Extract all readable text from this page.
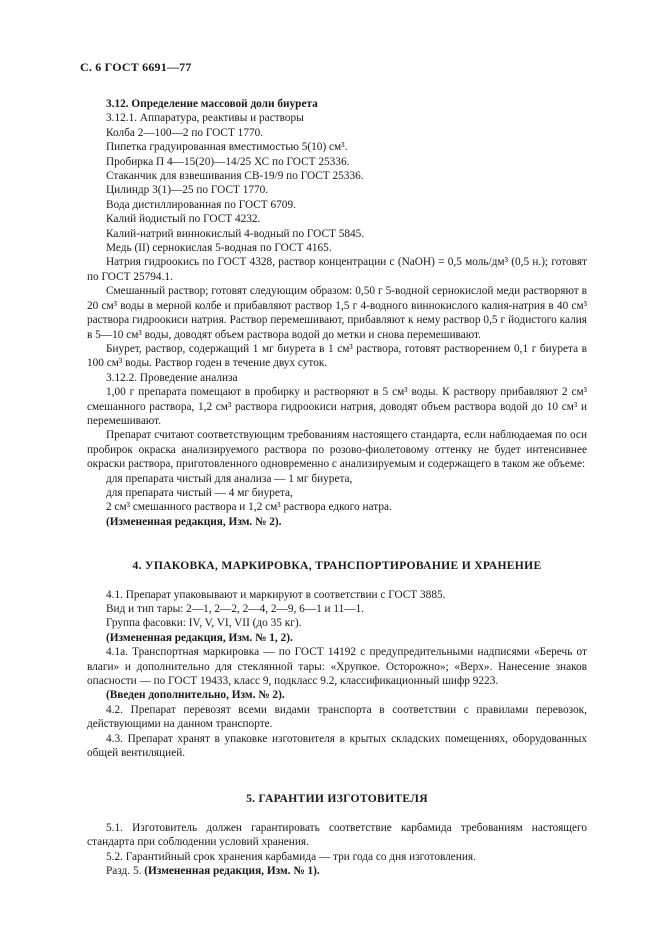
С. 6 ГОСТ 6691—77

3.12. Определение массовой доли биурета

3.12.1. Аппаратура, реактивы и растворы

Колба 2—100—2 по ГОСТ 1770.

Пипетка градуированная вместимостью 5(10) см³.

Пробирка П 4—15(20)—14/25 ХС по ГОСТ 25336.

Стаканчик для взвешивания СВ-19/9 по ГОСТ 25336.

Цилиндр 3(1)—25 по ГОСТ 1770.

Вода дистиллированная по ГОСТ 6709.

Калий йодистый по ГОСТ 4232.

Калий-натрий виннокислый 4-водный по ГОСТ 5845.

Медь (II) сернокислая 5-водная по ГОСТ 4165.

Натрия гидроокись по ГОСТ 4328, раствор концентрации c (NaOH) = 0,5 моль/дм³ (0,5 н.); готовят по ГОСТ 25794.1.

Смешанный раствор; готовят следующим образом: 0,50 г 5-водной сернокислой меди растворяют в 20 см³ воды в мерной колбе и прибавляют раствор 1,5 г 4-водного виннокислого калия-натрия в 40 см³ раствора гидроокиси натрия. Раствор перемешивают, прибавляют к нему раствор 0,5 г йодистого калия в 5—10 см³ воды, доводят объем раствора водой до метки и снова перемешивают.

Биурет, раствор, содержащий 1 мг биурета в 1 см³ раствора, готовят растворением 0,1 г биурета в 100 см³ воды. Раствор годен в течение двух суток.

3.12.2. Проведение анализа

1,00 г препарата помещают в пробирку и растворяют в 5 см³ воды. К раствору прибавляют 2 см³ смешанного раствора, 1,2 см³ раствора гидроокиси натрия, доводят объем раствора водой до 10 см³ и перемешивают.

Препарат считают соответствующим требованиям настоящего стандарта, если наблюдаемая по оси пробирок окраска анализируемого раствора по розово-фиолетовому оттенку не будет интенсивнее окраски раствора, приготовленного одновременно с анализируемым и содержащего в таком же объеме:

для препарата чистый для анализа — 1 мг биурета,

для препарата чистый — 4 мг биурета,

2 см³ смешанного раствора и 1,2 см³ раствора едкого натра.

(Измененная редакция, Изм. № 2).

4. УПАКОВКА, МАРКИРОВКА, ТРАНСПОРТИРОВАНИЕ И ХРАНЕНИЕ

4.1. Препарат упаковывают и маркируют в соответствии с ГОСТ 3885.

Вид и тип тары: 2—1, 2—2, 2—4, 2—9, 6—1 и 11—1.

Группа фасовки: IV, V, VI, VII (до 35 кг).

(Измененная редакция, Изм. № 1, 2).

4.1а. Транспортная маркировка — по ГОСТ 14192 с предупредительными надписями «Беречь от влаги» и дополнительно для стеклянной тары: «Хрупкое. Осторожно»; «Верх». Нанесение знаков опасности — по ГОСТ 19433, класс 9, подкласс 9.2, классификационный шифр 9223.

(Введен дополнительно, Изм. № 2).

4.2. Препарат перевозят всеми видами транспорта в соответствии с правилами перевозок, действующими на данном транспорте.

4.3. Препарат хранят в упаковке изготовителя в крытых складских помещениях, оборудованных общей вентиляцией.

5. ГАРАНТИИ ИЗГОТОВИТЕЛЯ

5.1. Изготовитель должен гарантировать соответствие карбамида требованиям настоящего стандарта при соблюдении условий хранения.

5.2. Гарантийный срок хранения карбамида — три года со дня изготовления.

Разд. 5. (Измененная редакция, Изм. № 1).
